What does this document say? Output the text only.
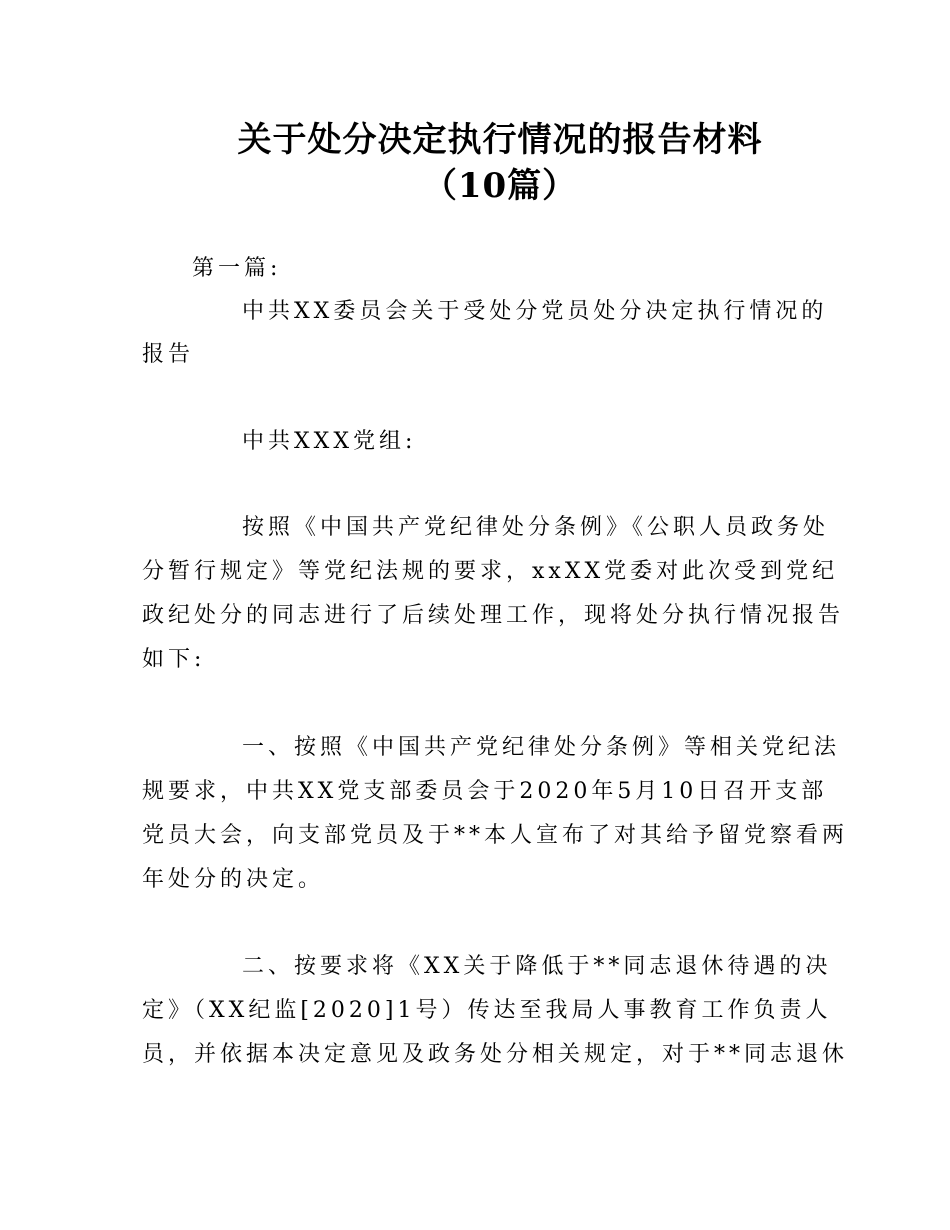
关于处分决定执行情况的报告材料
（10篇）

第一篇:

中共XX委员会关于受处分党员处分决定执行情况的

报告

中共XXX党组:

按照《中国共产党纪律处分条例》《公职人员政务处

分暂行规定》等党纪法规的要求，xxXX党委对此次受到党纪

政纪处分的同志进行了后续处理工作，现将处分执行情况报告

如下:

一、按照《中国共产党纪律处分条例》等相关党纪法

规要求，中共XX党支部委员会于2020年5月10日召开支部

党员大会，向支部党员及于**本人宣布了对其给予留党察看两

年处分的决定。

二、按要求将《XX关于降低于**同志退休待遇的决

定》（XX纪监[2020]1号）传达至我局人事教育工作负责人

员，并依据本决定意见及政务处分相关规定，对于**同志退休
